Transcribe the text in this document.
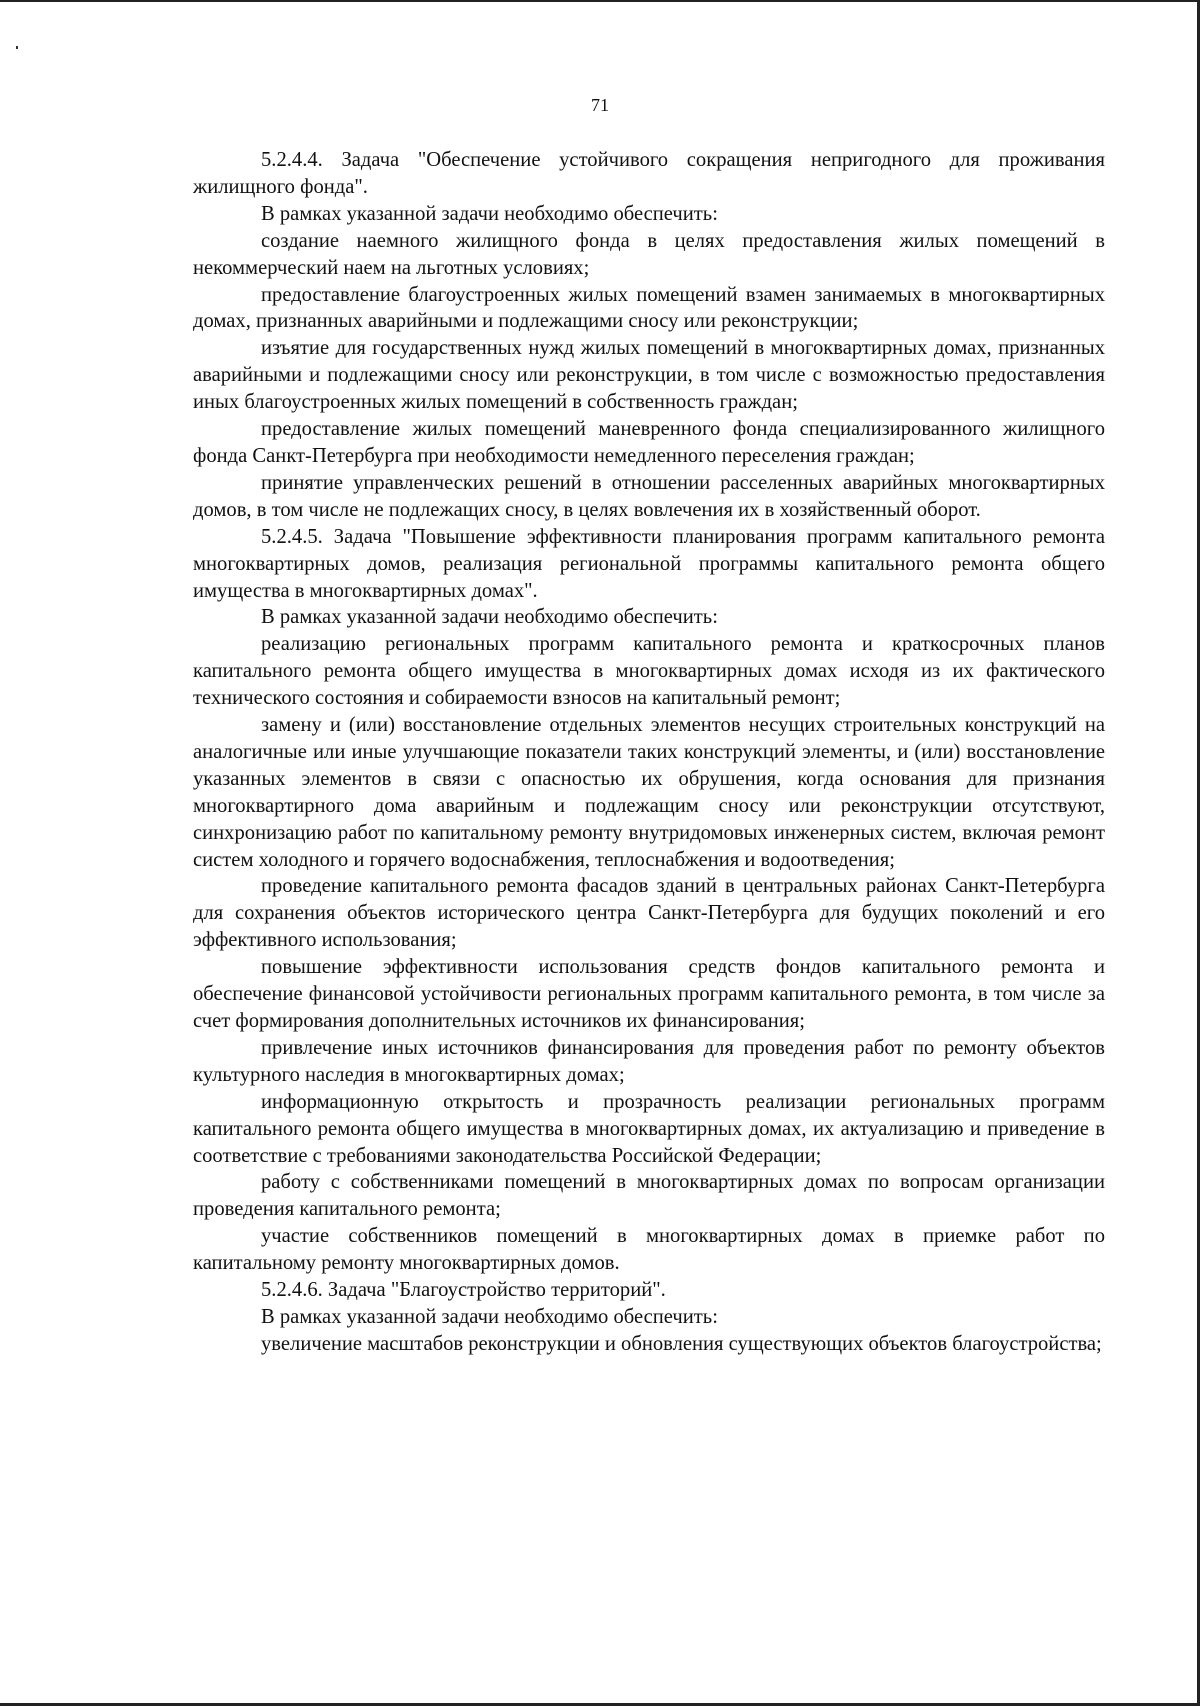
71

5.2.4.4. Задача "Обеспечение устойчивого сокращения непригодного для проживания жилищного фонда".

В рамках указанной задачи необходимо обеспечить:

создание наемного жилищного фонда в целях предоставления жилых помещений в некоммерческий наем на льготных условиях;

предоставление благоустроенных жилых помещений взамен занимаемых в многоквартирных домах, признанных аварийными и подлежащими сносу или реконструкции;

изъятие для государственных нужд жилых помещений в многоквартирных домах, признанных аварийными и подлежащими сносу или реконструкции, в том числе с возможностью предоставления иных благоустроенных жилых помещений в собственность граждан;

предоставление жилых помещений маневренного фонда специализированного жилищного фонда Санкт-Петербурга при необходимости немедленного переселения граждан;

принятие управленческих решений в отношении расселенных аварийных многоквартирных домов, в том числе не подлежащих сносу, в целях вовлечения их в хозяйственный оборот.

5.2.4.5. Задача "Повышение эффективности планирования программ капитального ремонта многоквартирных домов, реализация региональной программы капитального ремонта общего имущества в многоквартирных домах".

В рамках указанной задачи необходимо обеспечить:

реализацию региональных программ капитального ремонта и краткосрочных планов капитального ремонта общего имущества в многоквартирных домах исходя из их фактического технического состояния и собираемости взносов на капитальный ремонт;

замену и (или) восстановление отдельных элементов несущих строительных конструкций на аналогичные или иные улучшающие показатели таких конструкций элементы, и (или) восстановление указанных элементов в связи с опасностью их обрушения, когда основания для признания многоквартирного дома аварийным и подлежащим сносу или реконструкции отсутствуют, синхронизацию работ по капитальному ремонту внутридомовых инженерных систем, включая ремонт систем холодного и горячего водоснабжения, теплоснабжения и водоотведения;

проведение капитального ремонта фасадов зданий в центральных районах Санкт-Петербурга для сохранения объектов исторического центра Санкт-Петербурга для будущих поколений и его эффективного использования;

повышение эффективности использования средств фондов капитального ремонта и обеспечение финансовой устойчивости региональных программ капитального ремонта, в том числе за счет формирования дополнительных источников их финансирования;

привлечение иных источников финансирования для проведения работ по ремонту объектов культурного наследия в многоквартирных домах;

информационную открытость и прозрачность реализации региональных программ капитального ремонта общего имущества в многоквартирных домах, их актуализацию и приведение в соответствие с требованиями законодательства Российской Федерации;

работу с собственниками помещений в многоквартирных домах по вопросам организации проведения капитального ремонта;

участие собственников помещений в многоквартирных домах в приемке работ по капитальному ремонту многоквартирных домов.

5.2.4.6. Задача "Благоустройство территорий".

В рамках указанной задачи необходимо обеспечить:

увеличение масштабов реконструкции и обновления существующих объектов благоустройства;
